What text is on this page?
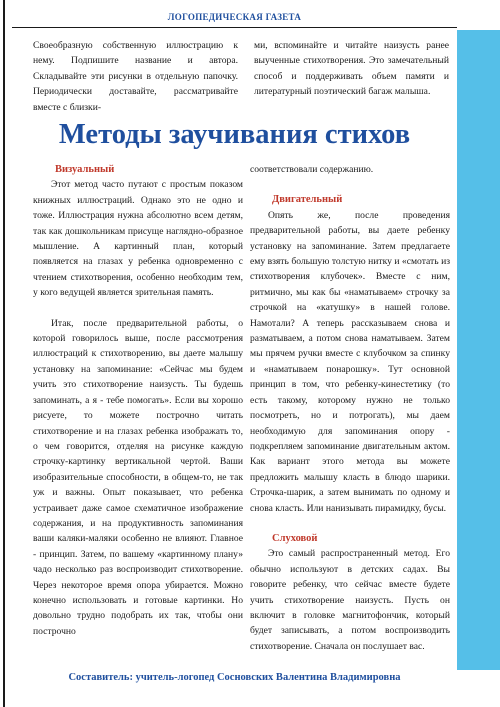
ЛОГОПЕДИЧЕСКАЯ ГАЗЕТА
Своеобразную собственную иллюстрацию к нему. Подпишите название и автора. Складывайте эти рисунки в отдельную папочку. Периодически доставайте, рассматривайте вместе с близки-
ми, вспоминайте и читайте наизусть ранее выученные стихотворения. Это замечательный способ и поддерживать объем памяти и литературный поэтический багаж малыша.
Методы заучивания стихов
Визуальный

Этот метод часто путают с простым показом книжных иллюстраций. Однако это не одно и тоже. Иллюстрация нужна абсолютно всем детям, так как дошкольникам присуще наглядно-образное мышление. А картинный план, который появляется на глазах у ребенка одновременно с чтением стихотворения, особенно необходим тем, у кого ведущей является зрительная память.

Итак, после предварительной работы, о которой говорилось выше, после рассмотрения иллюстраций к стихотворению, вы даете малышу установку на запоминание: «Сейчас мы будем учить это стихотворение наизусть. Ты будешь запоминать, а я - тебе помогать». Если вы хорошо рисуете, то можете построчно читать стихотворение и на глазах ребенка изображать то, о чем говорится, отделяя на рисунке каждую строчку-картинку вертикальной чертой. Ваши изобразительные способности, в общем-то, не так уж и важны. Опыт показывает, что ребенка устраивает даже самое схематичное изображение содержания, и на продуктивность запоминания ваши каляки-маляки особенно не влияют. Главное - принцип. Затем, по вашему «картинному плану» чадо несколько раз воспроизводит стихотворение. Через некоторое время опора убирается. Можно конечно использовать и готовые картинки. Но довольно трудно подобрать их так, чтобы они построчно

соответствовали содержанию.

Двигательный

Опять же, после проведения предварительной работы, вы даете ребенку установку на запоминание. Затем предлагаете ему взять большую толстую нитку и «смотать из стихотворения клубочек». Вместе с ним, ритмично, мы как бы «наматываем» строчку за строчкой на «катушку» в нашей голове. Намотали? А теперь рассказываем снова и разматываем, а потом снова наматываем. Затем мы прячем ручки вместе с клубочком за спинку и «наматываем понарошку». Тут основной принцип в том, что ребенку-кинестетику (то есть такому, которому нужно не только посмотреть, но и потрогать), мы даем необходимую для запоминания опору - подкрепляем запоминание двигательным актом. Как вариант этого метода вы можете предложить малышу класть в блюдо шарики. Строчка-шарик, а затем вынимать по одному и снова класть. Или нанизывать пирамидку, бусы.

Слуховой

Это самый распространенный метод. Его обычно используют в детских садах. Вы говорите ребенку, что сейчас вместе будете учить стихотворение наизусть. Пусть он включит в головке магнитофончик, который будет записывать, а потом воспроизводить стихотворение. Сначала он послушает вас.

Составитель: учитель-логопед Сосновских Валентина Владимировна
